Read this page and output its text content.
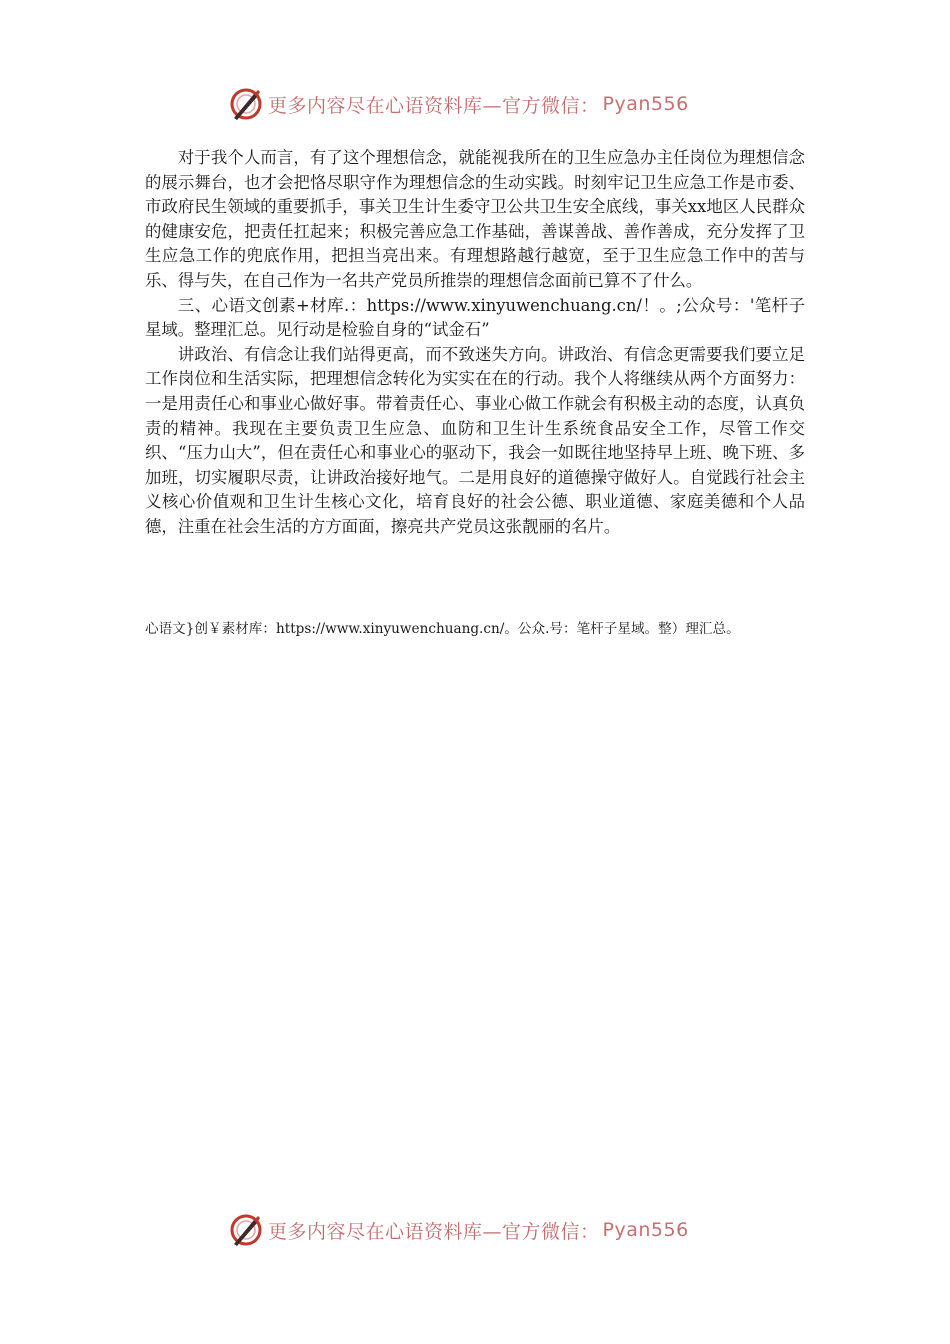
更多内容尽在心语资料库—官方微信： Pyan556

对于我个人而言，有了这个理想信念，就能视我所在的卫生应急办主任岗位为理想信念的展示舞台，也才会把恪尽职守作为理想信念的生动实践。时刻牢记卫生应急工作是市委、市政府民生领域的重要抓手，事关卫生计生委守卫公共卫生安全底线，事关xx地区人民群众的健康安危，把责任扛起来；积极完善应急工作基础，善谋善战、善作善成，充分发挥了卫生应急工作的兜底作用，把担当亮出来。有理想路越行越宽，至于卫生应急工作中的苦与乐、得与失，在自己作为一名共产党员所推崇的理想信念面前已算不了什么。

三、心语文创素+材库.：https://www.xinyuwenchuang.cn/！。;公众号：'笔杆子星域。整理汇总。见行动是检验自身的“试金石”

讲政治、有信念让我们站得更高，而不致迷失方向。讲政治、有信念更需要我们要立足工作岗位和生活实际，把理想信念转化为实实在在的行动。我个人将继续从两个方面努力：一是用责任心和事业心做好事。带着责任心、事业心做工作就会有积极主动的态度，认真负责的精神。我现在主要负责卫生应急、血防和卫生计生系统食品安全工作，尽管工作交织、“压力山大”，但在责任心和事业心的驱动下，我会一如既往地坚持早上班、晚下班、多加班，切实履职尽责，让讲政治接好地气。二是用良好的道德操守做好人。自觉践行社会主义核心价值观和卫生计生核心文化，培育良好的社会公德、职业道德、家庭美德和个人品德，注重在社会生活的方方面面，擦亮共产党员这张靓丽的名片。

心语文}创￥素材库：https://www.xinyuwenchuang.cn/。公众.号：笔杆子星域。整）理汇总。
更多内容尽在心语资料库—官方微信： Pyan556
